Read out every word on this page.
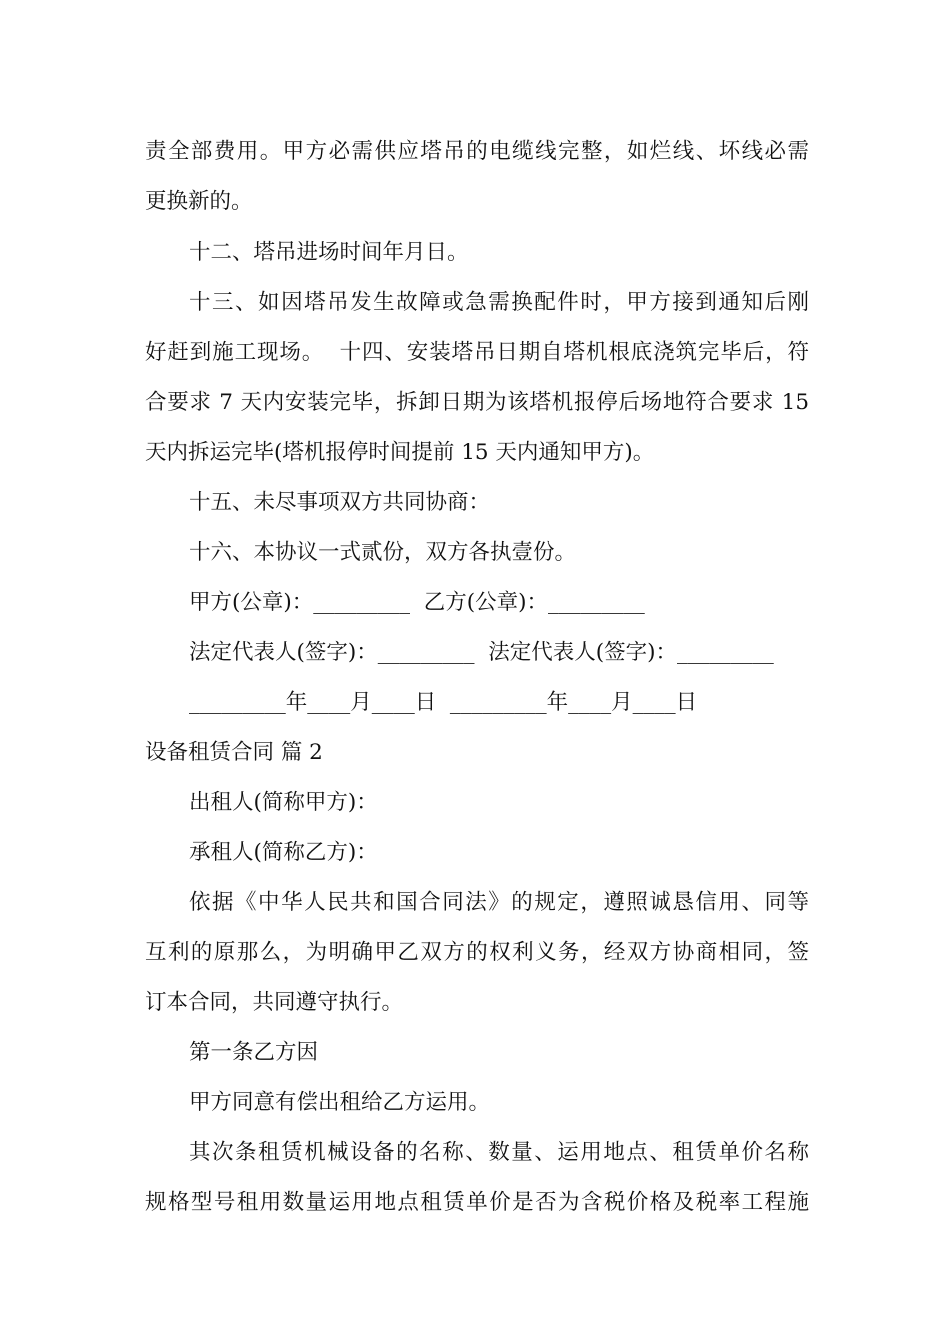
责全部费用。甲方必需供应塔吊的电缆线完整，如烂线、坏线必需
更换新的。
十二、塔吊进场时间年月日。
十三、如因塔吊发生故障或急需换配件时，甲方接到通知后刚
好赶到施工现场。  十四、安装塔吊日期自塔机根底浇筑完毕后，符
合要求 7 天内安装完毕，拆卸日期为该塔机报停后场地符合要求 15
天内拆运完毕(塔机报停时间提前 15 天内通知甲方)。
十五、未尽事项双方共同协商：
十六、本协议一式贰份，双方各执壹份。
甲方(公章)：_________  乙方(公章)：_________
法定代表人(签字)：_________  法定代表人(签字)：_________
_________年____月____日  _________年____月____日
设备租赁合同 篇 2
出租人(简称甲方)：
承租人(简称乙方)：
依据《中华人民共和国合同法》的规定，遵照诚恳信用、同等
互利的原那么，为明确甲乙双方的权利义务，经双方协商相同，签
订本合同，共同遵守执行。
第一条乙方因
甲方同意有偿出租给乙方运用。
其次条租赁机械设备的名称、数量、运用地点、租赁单价名称
规格型号租用数量运用地点租赁单价是否为含税价格及税率工程施
